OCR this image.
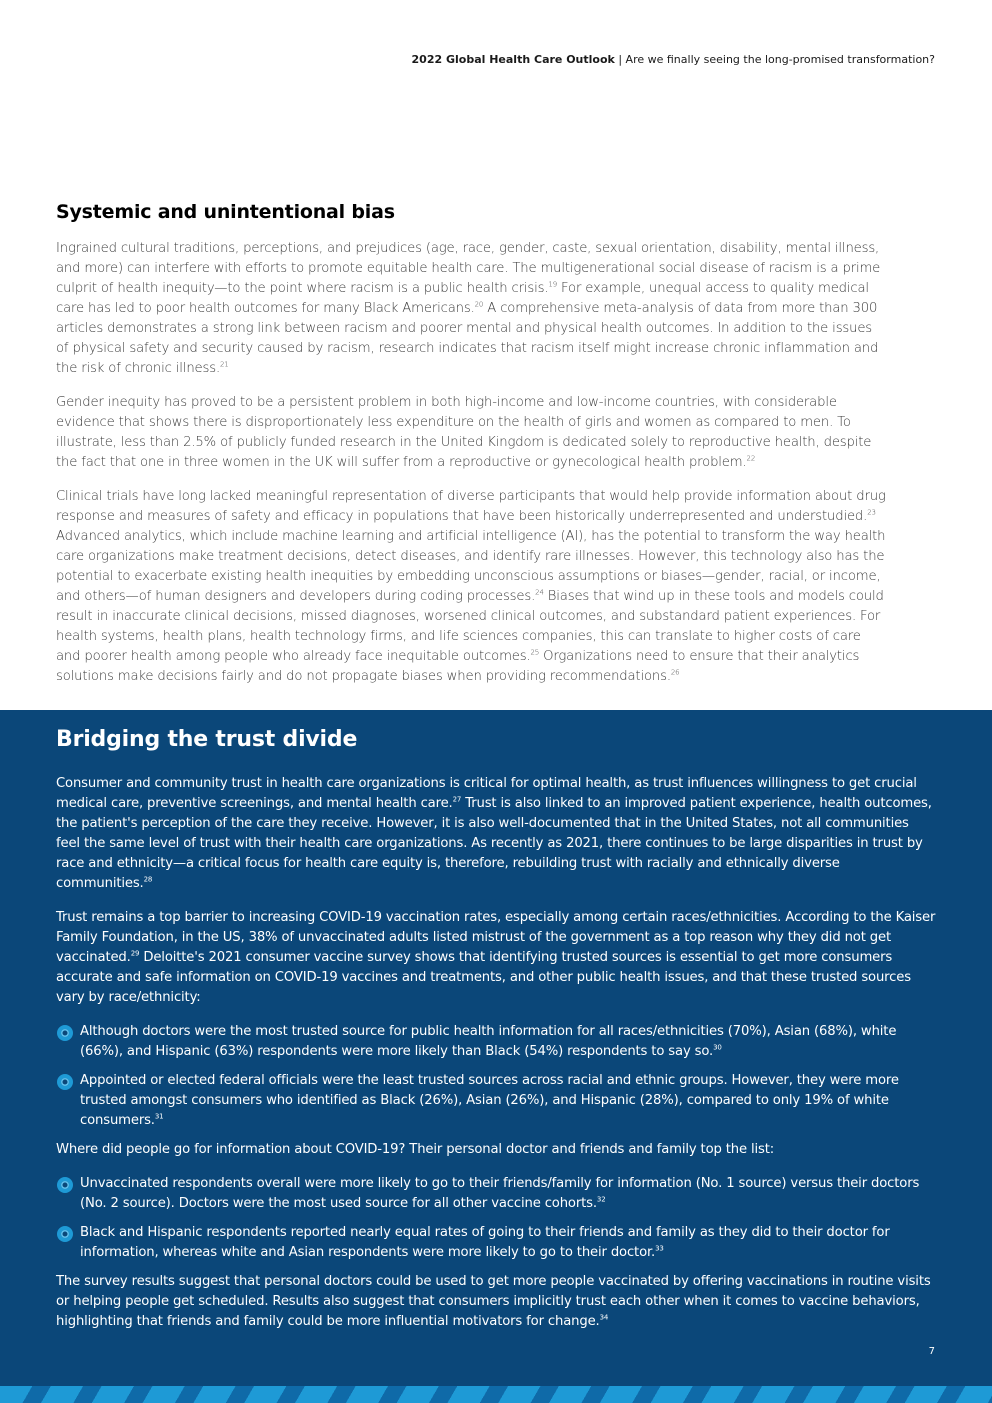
2022 Global Health Care Outlook | Are we finally seeing the long-promised transformation?
Systemic and unintentional bias

Ingrained cultural traditions, perceptions, and prejudices (age, race, gender, caste, sexual orientation, disability, mental illness, and more) can interfere with efforts to promote equitable health care. The multigenerational social disease of racism is a prime culprit of health inequity—to the point where racism is a public health crisis.$^{19}$ For example, unequal access to quality medical care has led to poor health outcomes for many Black Americans.$^{20}$ A comprehensive meta-analysis of data from more than 300 articles demonstrates a strong link between racism and poorer mental and physical health outcomes. In addition to the issues of physical safety and security caused by racism, research indicates that racism itself might increase chronic inflammation and the risk of chronic illness.$^{21}$

Gender inequity has proved to be a persistent problem in both high-income and low-income countries, with considerable evidence that shows there is disproportionately less expenditure on the health of girls and women as compared to men. To illustrate, less than 2.5% of publicly funded research in the United Kingdom is dedicated solely to reproductive health, despite the fact that one in three women in the UK will suffer from a reproductive or gynecological health problem.$^{22}$

Clinical trials have long lacked meaningful representation of diverse participants that would help provide information about drug response and measures of safety and efficacy in populations that have been historically underrepresented and understudied.$^{23}$ Advanced analytics, which include machine learning and artificial intelligence (AI), has the potential to transform the way health care organizations make treatment decisions, detect diseases, and identify rare illnesses. However, this technology also has the potential to exacerbate existing health inequities by embedding unconscious assumptions or biases—gender, racial, or income, and others—of human designers and developers during coding processes.$^{24}$ Biases that wind up in these tools and models could result in inaccurate clinical decisions, missed diagnoses, worsened clinical outcomes, and substandard patient experiences. For health systems, health plans, health technology firms, and life sciences companies, this can translate to higher costs of care and poorer health among people who already face inequitable outcomes.$^{25}$ Organizations need to ensure that their analytics solutions make decisions fairly and do not propagate biases when providing recommendations.$^{26}$

Bridging the trust divide

Consumer and community trust in health care organizations is critical for optimal health, as trust influences willingness to get crucial medical care, preventive screenings, and mental health care.$^{27}$ Trust is also linked to an improved patient experience, health outcomes, the patient's perception of the care they receive. However, it is also well-documented that in the United States, not all communities feel the same level of trust with their health care organizations. As recently as 2021, there continues to be large disparities in trust by race and ethnicity—a critical focus for health care equity is, therefore, rebuilding trust with racially and ethnically diverse communities.$^{28}$

Trust remains a top barrier to increasing COVID-19 vaccination rates, especially among certain races/ethnicities. According to the Kaiser Family Foundation, in the US, 38% of unvaccinated adults listed mistrust of the government as a top reason why they did not get vaccinated.$^{29}$ Deloitte's 2021 consumer vaccine survey shows that identifying trusted sources is essential to get more consumers accurate and safe information on COVID-19 vaccines and treatments, and other public health issues, and that these trusted sources vary by race/ethnicity:

Although doctors were the most trusted source for public health information for all races/ethnicities (70%), Asian (68%), white (66%), and Hispanic (63%) respondents were more likely than Black (54%) respondents to say so.$^{30}$
Appointed or elected federal officials were the least trusted sources across racial and ethnic groups. However, they were more trusted amongst consumers who identified as Black (26%), Asian (26%), and Hispanic (28%), compared to only 19% of white consumers.$^{31}$

Where did people go for information about COVID-19? Their personal doctor and friends and family top the list:

Unvaccinated respondents overall were more likely to go to their friends/family for information (No. 1 source) versus their doctors (No. 2 source). Doctors were the most used source for all other vaccine cohorts.$^{32}$
Black and Hispanic respondents reported nearly equal rates of going to their friends and family as they did to their doctor for information, whereas white and Asian respondents were more likely to go to their doctor.$^{33}$

The survey results suggest that personal doctors could be used to get more people vaccinated by offering vaccinations in routine visits or helping people get scheduled. Results also suggest that consumers implicitly trust each other when it comes to vaccine behaviors, highlighting that friends and family could be more influential motivators for change.$^{34}$

7
